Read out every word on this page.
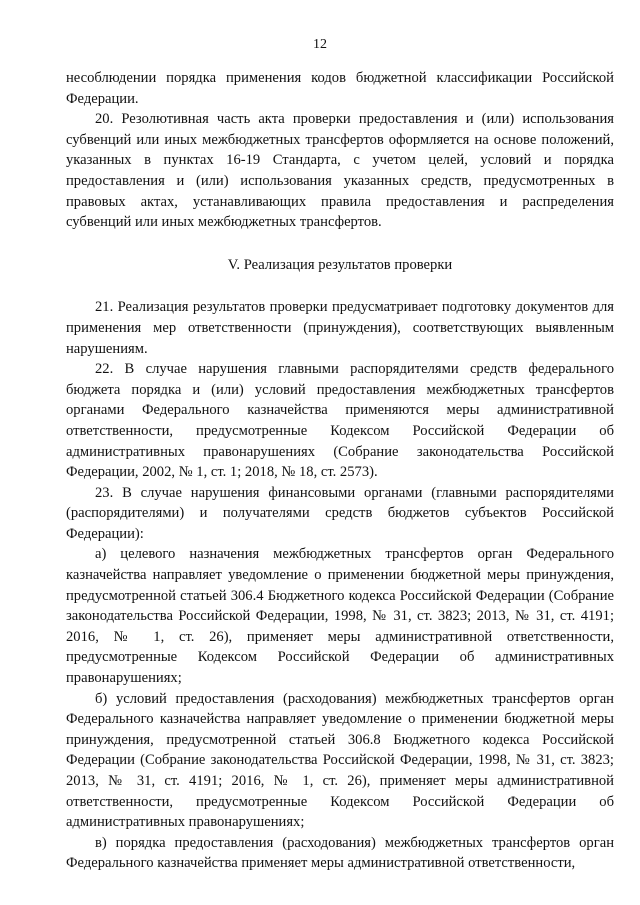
12

несоблюдении порядка применения кодов бюджетной классификации Российской Федерации.

20. Резолютивная часть акта проверки предоставления и (или) использования субвенций или иных межбюджетных трансфертов оформляется на основе положений, указанных в пунктах 16-19 Стандарта, с учетом целей, условий и порядка предоставления и (или) использования указанных средств, предусмотренных в правовых актах, устанавливающих правила предоставления и распределения субвенций или иных межбюджетных трансфертов.

V. Реализация результатов проверки

21. Реализация результатов проверки предусматривает подготовку документов для применения мер ответственности (принуждения), соответствующих выявленным нарушениям.

22. В случае нарушения главными распорядителями средств федерального бюджета порядка и (или) условий предоставления межбюджетных трансфертов органами Федерального казначейства применяются меры административной ответственности, предусмотренные Кодексом Российской Федерации об административных правонарушениях (Собрание законодательства Российской Федерации, 2002, № 1, ст. 1; 2018, № 18, ст. 2573).

23. В случае нарушения финансовыми органами (главными распорядителями (распорядителями) и получателями средств бюджетов субъектов Российской Федерации):

а) целевого назначения межбюджетных трансфертов орган Федерального казначейства направляет уведомление о применении бюджетной меры принуждения, предусмотренной статьей 306.4 Бюджетного кодекса Российской Федерации (Собрание законодательства Российской Федерации, 1998, № 31, ст. 3823; 2013, № 31, ст. 4191; 2016, № 1, ст. 26), применяет меры административной ответственности, предусмотренные Кодексом Российской Федерации об административных правонарушениях;

б) условий предоставления (расходования) межбюджетных трансфертов орган Федерального казначейства направляет уведомление о применении бюджетной меры принуждения, предусмотренной статьей 306.8 Бюджетного кодекса Российской Федерации (Собрание законодательства Российской Федерации, 1998, № 31, ст. 3823; 2013, № 31, ст. 4191; 2016, № 1, ст. 26), применяет меры административной ответственности, предусмотренные Кодексом Российской Федерации об административных правонарушениях;

в) порядка предоставления (расходования) межбюджетных трансфертов орган Федерального казначейства применяет меры административной ответственности,
